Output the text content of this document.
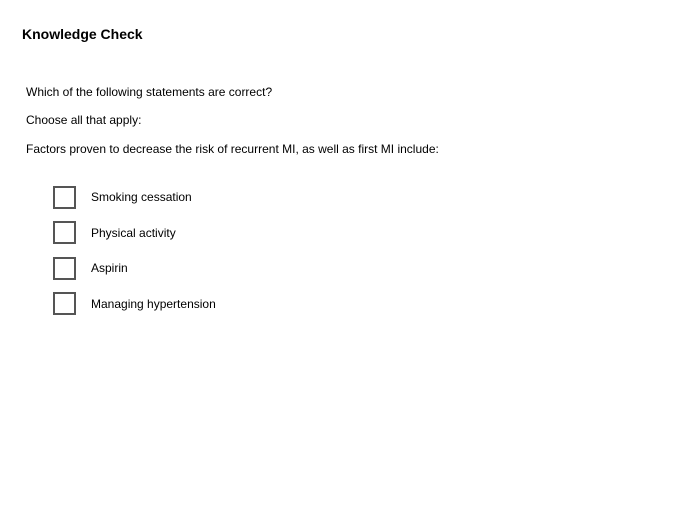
Knowledge Check
Which of the following statements are correct?
Choose all that apply:
Factors proven to decrease the risk of recurrent MI, as well as first MI include:
Smoking cessation
Physical activity
Aspirin
Managing hypertension
